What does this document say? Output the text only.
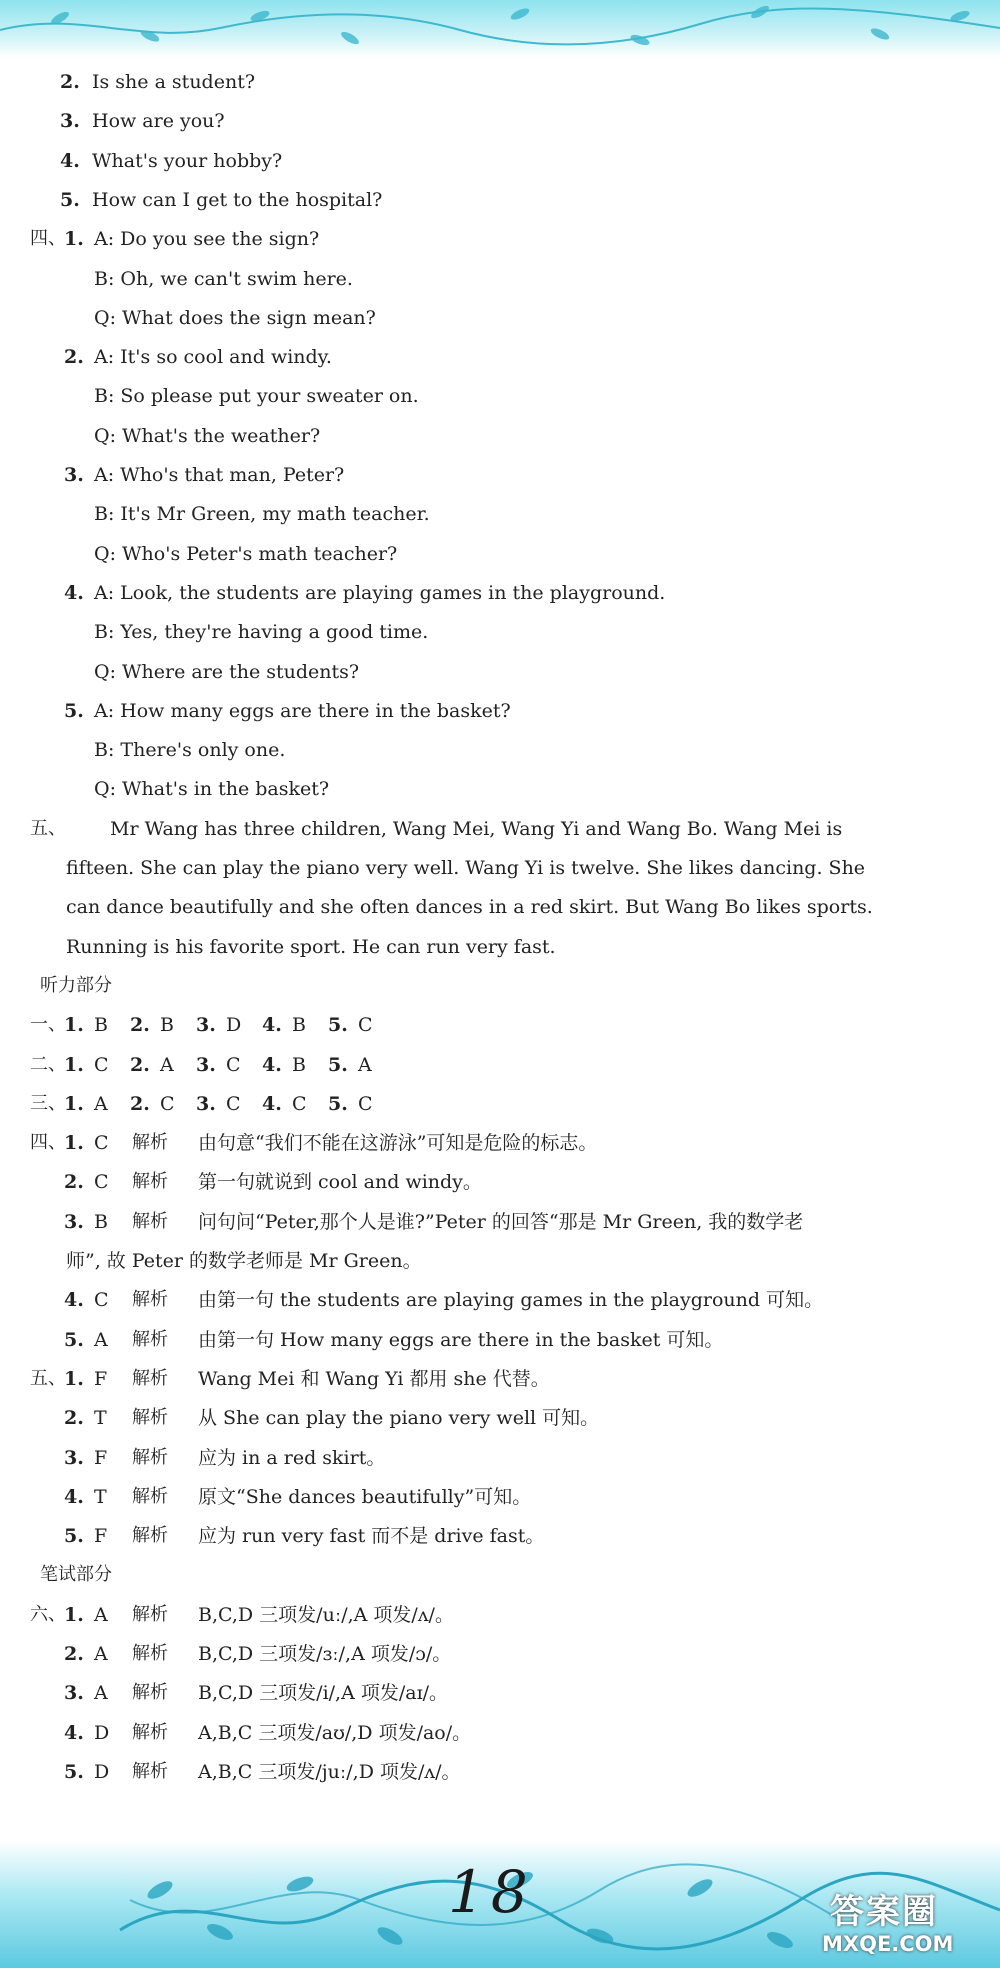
2. Is she a student?
3. How are you?
4. What's your hobby?
5. How can I get to the hospital?
四、
1. A: Do you see the sign?
B: Oh, we can't swim here.
Q: What does the sign mean?
2. A: It's so cool and windy.
B: So please put your sweater on.
Q: What's the weather?
3. A: Who's that man, Peter?
B: It's Mr Green, my math teacher.
Q: Who's Peter's math teacher?
4. A: Look, the students are playing games in the playground.
B: Yes, they're having a good time.
Q: Where are the students?
5. A: How many eggs are there in the basket?
B: There's only one.
Q: What's in the basket?
五、 Mr Wang has three children, Wang Mei, Wang Yi and Wang Bo. Wang Mei is
fifteen. She can play the piano very well. Wang Yi is twelve. She likes dancing. She
can dance beautifully and she often dances in a red skirt. But Wang Bo likes sports.
Running is his favorite sport. He can run very fast.
听力部分
一、
1. B 2. B 3. D 4. B 5. C
二、
1. C 2. A 3. C 4. B 5. A
三、
1. A 2. C 3. C 4. C 5. C
四、
1. C 解析 由句意“我们不能在这游泳”可知是危险的标志。
2. C 解析 第一句就说到 cool and windy。
3. B 解析 问句问“Peter,那个人是谁?”Peter 的回答“那是 Mr Green, 我的数学老
师”, 故 Peter 的数学老师是 Mr Green。
4. C 解析 由第一句 the students are playing games in the playground 可知。
5. A 解析 由第一句 How many eggs are there in the basket 可知。
五、
1. F 解析 Wang Mei 和 Wang Yi 都用 she 代替。
2. T 解析 从 She can play the piano very well 可知。
3. F 解析 应为 in a red skirt。
4. T 解析 原文“She dances beautifully”可知。
5. F 解析 应为 run very fast 而不是 drive fast。
笔试部分
六、
1. A 解析 B,C,D 三项发/uː/,A 项发/ʌ/。
2. A 解析 B,C,D 三项发/ɜː/,A 项发/ɔ/。
3. A 解析 B,C,D 三项发/i/,A 项发/aɪ/。
4. D 解析 A,B,C 三项发/aʊ/,D 项发/ao/。
5. D 解析 A,B,C 三项发/juː/,D 项发/ʌ/。
18	答案圈
MXQE.COM
